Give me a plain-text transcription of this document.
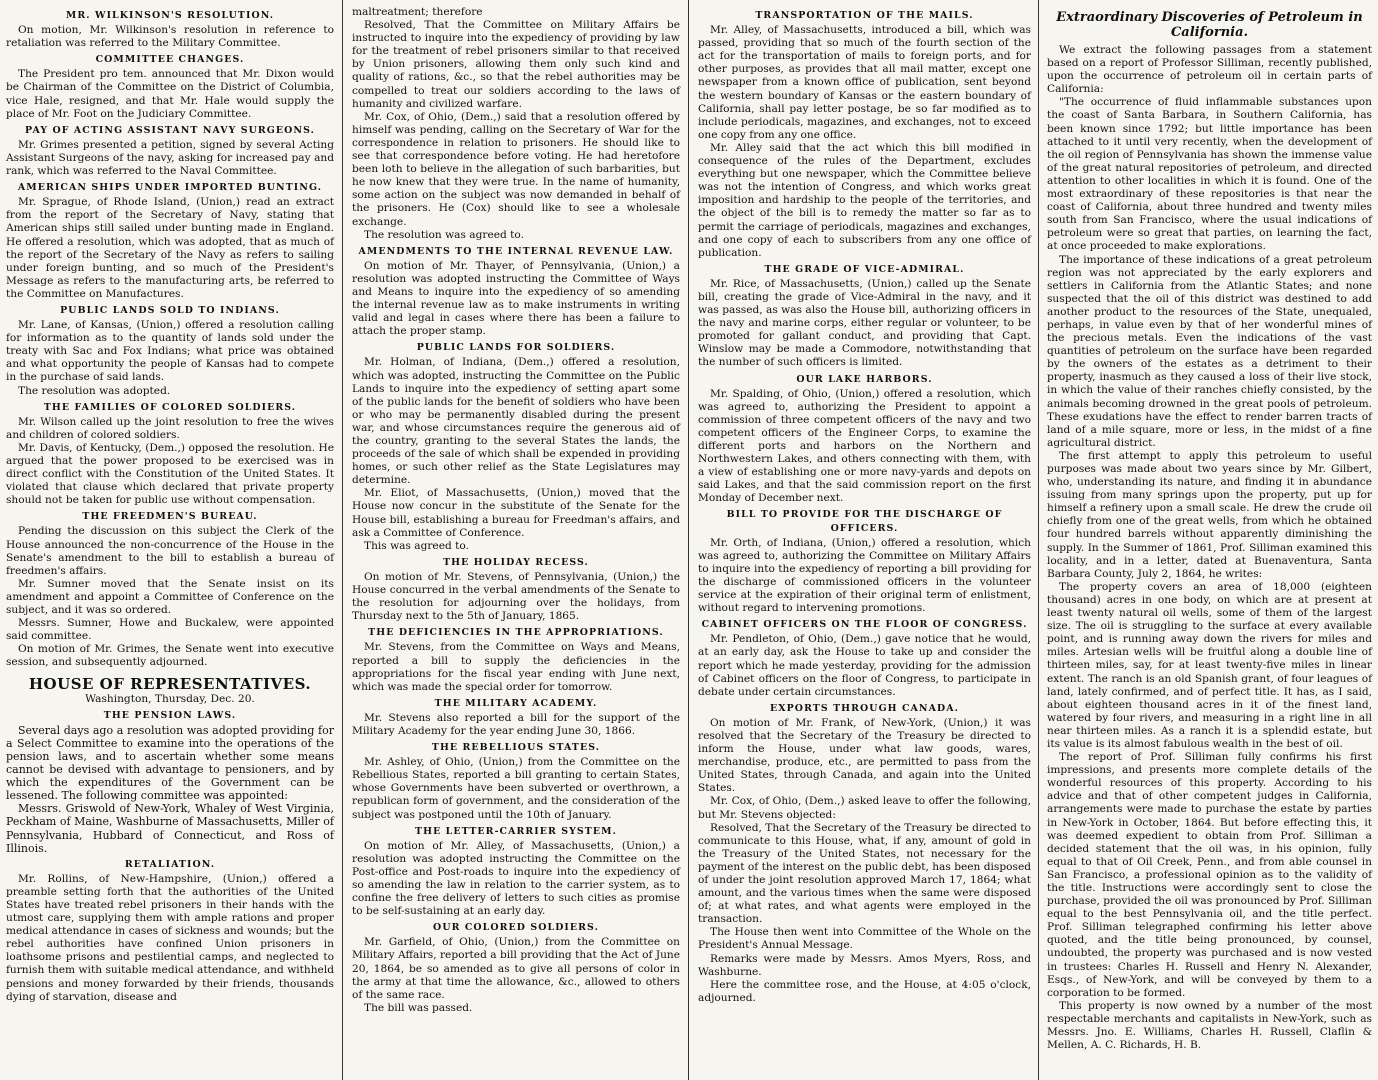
MR. WILKINSON'S RESOLUTION.

On motion, Mr. Wilkinson's resolution in reference to retaliation was referred to the Military Committee.

COMMITTEE CHANGES.

The President pro tem. announced that Mr. Dixon would be Chairman of the Committee on the District of Columbia, vice Hale, resigned, and that Mr. Hale would supply the place of Mr. Foot on the Judiciary Committee.

PAY OF ACTING ASSISTANT NAVY SURGEONS.

Mr. Grimes presented a petition, signed by several Acting Assistant Surgeons of the navy, asking for increased pay and rank, which was referred to the Naval Committee.

AMERICAN SHIPS UNDER IMPORTED BUNTING.

Mr. Sprague, of Rhode Island, (Union,) read an extract from the report of the Secretary of Navy, stating that American ships still sailed under bunting made in England. He offered a resolution, which was adopted, that as much of the report of the Secretary of the Navy as refers to sailing under foreign bunting, and so much of the President's Message as refers to the manufacturing arts, be referred to the Committee on Manufactures.

PUBLIC LANDS SOLD TO INDIANS.

Mr. Lane, of Kansas, (Union,) offered a resolution calling for information as to the quantity of lands sold under the treaty with Sac and Fox Indians; what price was obtained and what opportunity the people of Kansas had to compete in the purchase of said lands.

The resolution was adopted.

THE FAMILIES OF COLORED SOLDIERS.

Mr. Wilson called up the joint resolution to free the wives and children of colored soldiers.

Mr. Davis, of Kentucky, (Dem.,) opposed the resolution. He argued that the power proposed to be exercised was in direct conflict with the Constitution of the United States. It violated that clause which declared that private property should not be taken for public use without compensation.

THE FREEDMEN'S BUREAU.

Pending the discussion on this subject the Clerk of the House announced the non-concurrence of the House in the Senate's amendment to the bill to establish a bureau of freedmen's affairs.

Mr. Sumner moved that the Senate insist on its amendment and appoint a Committee of Conference on the subject, and it was so ordered.

Messrs. Sumner, Howe and Buckalew, were appointed said committee.

On motion of Mr. Grimes, the Senate went into executive session, and subsequently adjourned.

HOUSE OF REPRESENTATIVES.
Washington, Thursday, Dec. 20.
THE PENSION LAWS.

Several days ago a resolution was adopted providing for a Select Committee to examine into the operations of the pension laws, and to ascertain whether some means cannot be devised with advantage to pensioners, and by which the expenditures of the Government can be lessened. The following committee was appointed:

Messrs. Griswold of New-York, Whaley of West Virginia, Peckham of Maine, Washburne of Massachusetts, Miller of Pennsylvania, Hubbard of Connecticut, and Ross of Illinois.

RETALIATION.

Mr. Rollins, of New-Hampshire, (Union,) offered a preamble setting forth that the authorities of the United States have treated rebel prisoners in their hands with the utmost care, supplying them with ample rations and proper medical attendance in cases of sickness and wounds; but the rebel authorities have confined Union prisoners in loathsome prisons and pestilential camps, and neglected to furnish them with suitable medical attendance, and withheld pensions and money forwarded by their friends, thousands dying of starvation, disease and

maltreatment; therefore

Resolved, That the Committee on Military Affairs be instructed to inquire into the expediency of providing by law for the treatment of rebel prisoners similar to that received by Union prisoners, allowing them only such kind and quality of rations, &c., so that the rebel authorities may be compelled to treat our soldiers according to the laws of humanity and civilized warfare.

Mr. Cox, of Ohio, (Dem.,) said that a resolution offered by himself was pending, calling on the Secretary of War for the correspondence in relation to prisoners. He should like to see that correspondence before voting. He had heretofore been loth to believe in the allegation of such barbarities, but he now knew that they were true. In the name of humanity, some action on the subject was now demanded in behalf of the prisoners. He (Cox) should like to see a wholesale exchange.

The resolution was agreed to.

AMENDMENTS TO THE INTERNAL REVENUE LAW.

On motion of Mr. Thayer, of Pennsylvania, (Union,) a resolution was adopted instructing the Committee of Ways and Means to inquire into the expediency of so amending the internal revenue law as to make instruments in writing valid and legal in cases where there has been a failure to attach the proper stamp.

PUBLIC LANDS FOR SOLDIERS.

Mr. Holman, of Indiana, (Dem.,) offered a resolution, which was adopted, instructing the Committee on the Public Lands to inquire into the expediency of setting apart some of the public lands for the benefit of soldiers who have been or who may be permanently disabled during the present war, and whose circumstances require the generous aid of the country, granting to the several States the lands, the proceeds of the sale of which shall be expended in providing homes, or such other relief as the State Legislatures may determine.

Mr. Eliot, of Massachusetts, (Union,) moved that the House now concur in the substitute of the Senate for the House bill, establishing a bureau for Freedman's affairs, and ask a Committee of Conference.

This was agreed to.

THE HOLIDAY RECESS.

On motion of Mr. Stevens, of Pennsylvania, (Union,) the House concurred in the verbal amendments of the Senate to the resolution for adjourning over the holidays, from Thursday next to the 5th of January, 1865.

THE DEFICIENCIES IN THE APPROPRIATIONS.

Mr. Stevens, from the Committee on Ways and Means, reported a bill to supply the deficiencies in the appropriations for the fiscal year ending with June next, which was made the special order for tomorrow.

THE MILITARY ACADEMY.

Mr. Stevens also reported a bill for the support of the Military Academy for the year ending June 30, 1866.

THE REBELLIOUS STATES.

Mr. Ashley, of Ohio, (Union,) from the Committee on the Rebellious States, reported a bill granting to certain States, whose Governments have been subverted or overthrown, a republican form of government, and the consideration of the subject was postponed until the 10th of January.

THE LETTER-CARRIER SYSTEM.

On motion of Mr. Alley, of Massachusetts, (Union,) a resolution was adopted instructing the Committee on the Post-office and Post-roads to inquire into the expediency of so amending the law in relation to the carrier system, as to confine the free delivery of letters to such cities as promise to be self-sustaining at an early day.

OUR COLORED SOLDIERS.

Mr. Garfield, of Ohio, (Union,) from the Committee on Military Affairs, reported a bill providing that the Act of June 20, 1864, be so amended as to give all persons of color in the army at that time the allowance, &c., allowed to others of the same race.

The bill was passed.

TRANSPORTATION OF THE MAILS.

Mr. Alley, of Massachusetts, introduced a bill, which was passed, providing that so much of the fourth section of the act for the transportation of mails to foreign ports, and for other purposes, as provides that all mail matter, except one newspaper from a known office of publication, sent beyond the western boundary of Kansas or the eastern boundary of California, shall pay letter postage, be so far modified as to include periodicals, magazines, and exchanges, not to exceed one copy from any one office.

Mr. Alley said that the act which this bill modified in consequence of the rules of the Department, excludes everything but one newspaper, which the Committee believe was not the intention of Congress, and which works great imposition and hardship to the people of the territories, and the object of the bill is to remedy the matter so far as to permit the carriage of periodicals, magazines and exchanges, and one copy of each to subscribers from any one office of publication.

THE GRADE OF VICE-ADMIRAL.

Mr. Rice, of Massachusetts, (Union,) called up the Senate bill, creating the grade of Vice-Admiral in the navy, and it was passed, as was also the House bill, authorizing officers in the navy and marine corps, either regular or volunteer, to be promoted for gallant conduct, and providing that Capt. Winslow may be made a Commodore, notwithstanding that the number of such officers is limited.

OUR LAKE HARBORS.

Mr. Spalding, of Ohio, (Union,) offered a resolution, which was agreed to, authorizing the President to appoint a commission of three competent officers of the navy and two competent officers of the Engineer Corps, to examine the different ports and harbors on the Northern and Northwestern Lakes, and others connecting with them, with a view of establishing one or more navy-yards and depots on said Lakes, and that the said commission report on the first Monday of December next.

BILL TO PROVIDE FOR THE DISCHARGE OF OFFICERS.

Mr. Orth, of Indiana, (Union,) offered a resolution, which was agreed to, authorizing the Committee on Military Affairs to inquire into the expediency of reporting a bill providing for the discharge of commissioned officers in the volunteer service at the expiration of their original term of enlistment, without regard to intervening promotions.

CABINET OFFICERS ON THE FLOOR OF CONGRESS.

Mr. Pendleton, of Ohio, (Dem.,) gave notice that he would, at an early day, ask the House to take up and consider the report which he made yesterday, providing for the admission of Cabinet officers on the floor of Congress, to participate in debate under certain circumstances.

EXPORTS THROUGH CANADA.

On motion of Mr. Frank, of New-York, (Union,) it was resolved that the Secretary of the Treasury be directed to inform the House, under what law goods, wares, merchandise, produce, etc., are permitted to pass from the United States, through Canada, and again into the United States.

Mr. Cox, of Ohio, (Dem.,) asked leave to offer the following, but Mr. Stevens objected:

Resolved, That the Secretary of the Treasury be directed to communicate to this House, what, if any, amount of gold in the Treasury of the United States, not necessary for the payment of the interest on the public debt, has been disposed of under the joint resolution approved March 17, 1864; what amount, and the various times when the same were disposed of; at what rates, and what agents were employed in the transaction.

The House then went into Committee of the Whole on the President's Annual Message.

Remarks were made by Messrs. Amos Myers, Ross, and Washburne.

Here the committee rose, and the House, at 4:05 o'clock, adjourned.

Extraordinary Discoveries of Petroleum in California.

We extract the following passages from a statement based on a report of Professor Silliman, recently published, upon the occurrence of petroleum oil in certain parts of California:

"The occurrence of fluid inflammable substances upon the coast of Santa Barbara, in Southern California, has been known since 1792; but little importance has been attached to it until very recently, when the development of the oil region of Pennsylvania has shown the immense value of the great natural repositories of petroleum, and directed attention to other localities in which it is found. One of the most extraordinary of these repositories is that near the coast of California, about three hundred and twenty miles south from San Francisco, where the usual indications of petroleum were so great that parties, on learning the fact, at once proceeded to make explorations.

The importance of these indications of a great petroleum region was not appreciated by the early explorers and settlers in California from the Atlantic States; and none suspected that the oil of this district was destined to add another product to the resources of the State, unequaled, perhaps, in value even by that of her wonderful mines of the precious metals. Even the indications of the vast quantities of petroleum on the surface have been regarded by the owners of the estates as a detriment to their property, inasmuch as they caused a loss of their live stock, in which the value of their ranches chiefly consisted, by the animals becoming drowned in the great pools of petroleum. These exudations have the effect to render barren tracts of land of a mile square, more or less, in the midst of a fine agricultural district.

The first attempt to apply this petroleum to useful purposes was made about two years since by Mr. Gilbert, who, understanding its nature, and finding it in abundance issuing from many springs upon the property, put up for himself a refinery upon a small scale. He drew the crude oil chiefly from one of the great wells, from which he obtained four hundred barrels without apparently diminishing the supply. In the Summer of 1861, Prof. Silliman examined this locality, and in a letter, dated at Buenaventura, Santa Barbara County, July 2, 1864, he writes:

The property covers an area of 18,000 (eighteen thousand) acres in one body, on which are at present at least twenty natural oil wells, some of them of the largest size. The oil is struggling to the surface at every available point, and is running away down the rivers for miles and miles. Artesian wells will be fruitful along a double line of thirteen miles, say, for at least twenty-five miles in linear extent. The ranch is an old Spanish grant, of four leagues of land, lately confirmed, and of perfect title. It has, as I said, about eighteen thousand acres in it of the finest land, watered by four rivers, and measuring in a right line in all near thirteen miles. As a ranch it is a splendid estate, but its value is its almost fabulous wealth in the best of oil.

The report of Prof. Silliman fully confirms his first impressions, and presents more complete details of the wonderful resources of this property. According to his advice and that of other competent judges in California, arrangements were made to purchase the estate by parties in New-York in October, 1864. But before effecting this, it was deemed expedient to obtain from Prof. Silliman a decided statement that the oil was, in his opinion, fully equal to that of Oil Creek, Penn., and from able counsel in San Francisco, a professional opinion as to the validity of the title. Instructions were accordingly sent to close the purchase, provided the oil was pronounced by Prof. Silliman equal to the best Pennsylvania oil, and the title perfect. Prof. Silliman telegraphed confirming his letter above quoted, and the title being pronounced, by counsel, undoubted, the property was purchased and is now vested in trustees: Charles H. Russell and Henry N. Alexander, Esqs., of New-York, and will be conveyed by them to a corporation to be formed.

This property is now owned by a number of the most respectable merchants and capitalists in New-York, such as Messrs. Jno. E. Williams, Charles H. Russell, Claflin & Mellen, A. C. Richards, H. B.
